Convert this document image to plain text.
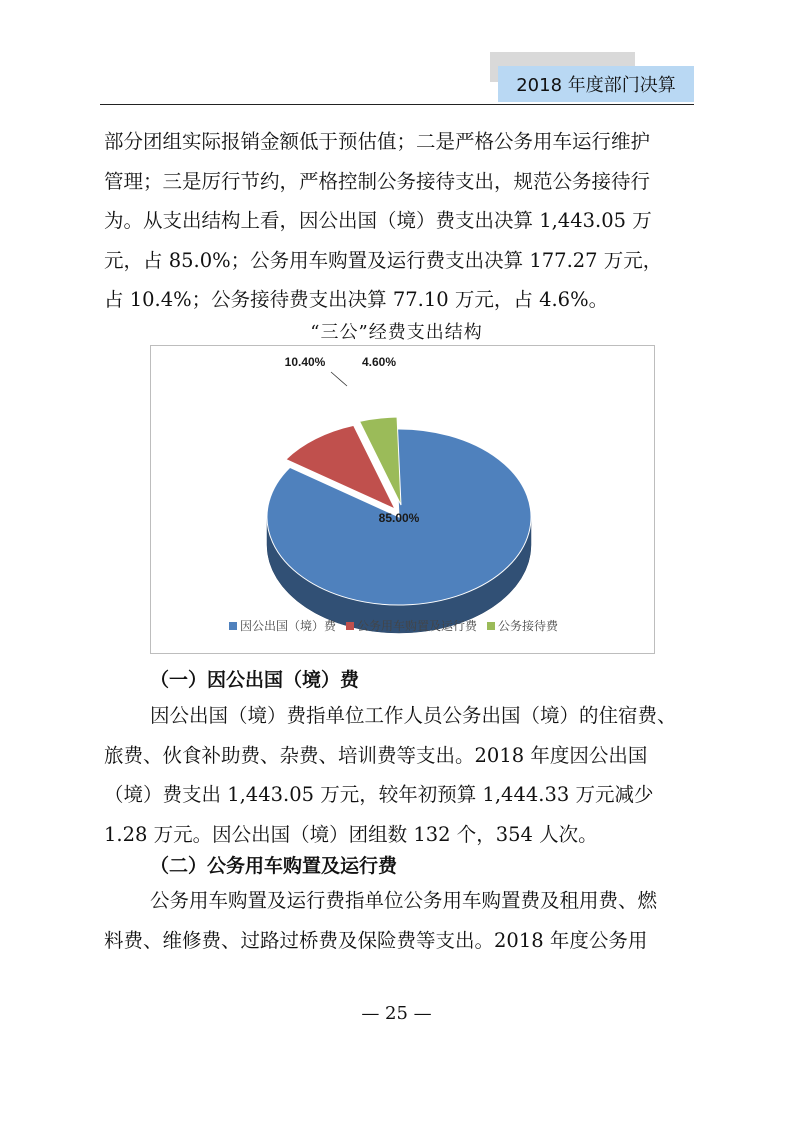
2018 年度部门决算
部分团组实际报销金额低于预估值；二是严格公务用车运行维护
管理；三是厉行节约，严格控制公务接待支出，规范公务接待行
为。从支出结构上看，因公出国（境）费支出决算 1,443.05 万
元，占 85.0%；公务用车购置及运行费支出决算 177.27 万元，
占 10.4%；公务接待费支出决算 77.10 万元，占 4.6%。
“三公”经费支出结构
85.00%
10.40%	4.60%
因公出国（境）费 公务用车购置及运行费 公务接待费
（一）因公出国（境）费
因公出国（境）费指单位工作人员公务出国（境）的住宿费、
旅费、伙食补助费、杂费、培训费等支出。2018 年度因公出国
（境）费支出 1,443.05 万元，较年初预算 1,444.33 万元减少
1.28 万元。因公出国（境）团组数 132 个，354 人次。
（二）公务用车购置及运行费
公务用车购置及运行费指单位公务用车购置费及租用费、燃
料费、维修费、过路过桥费及保险费等支出。2018 年度公务用
— 25 —
